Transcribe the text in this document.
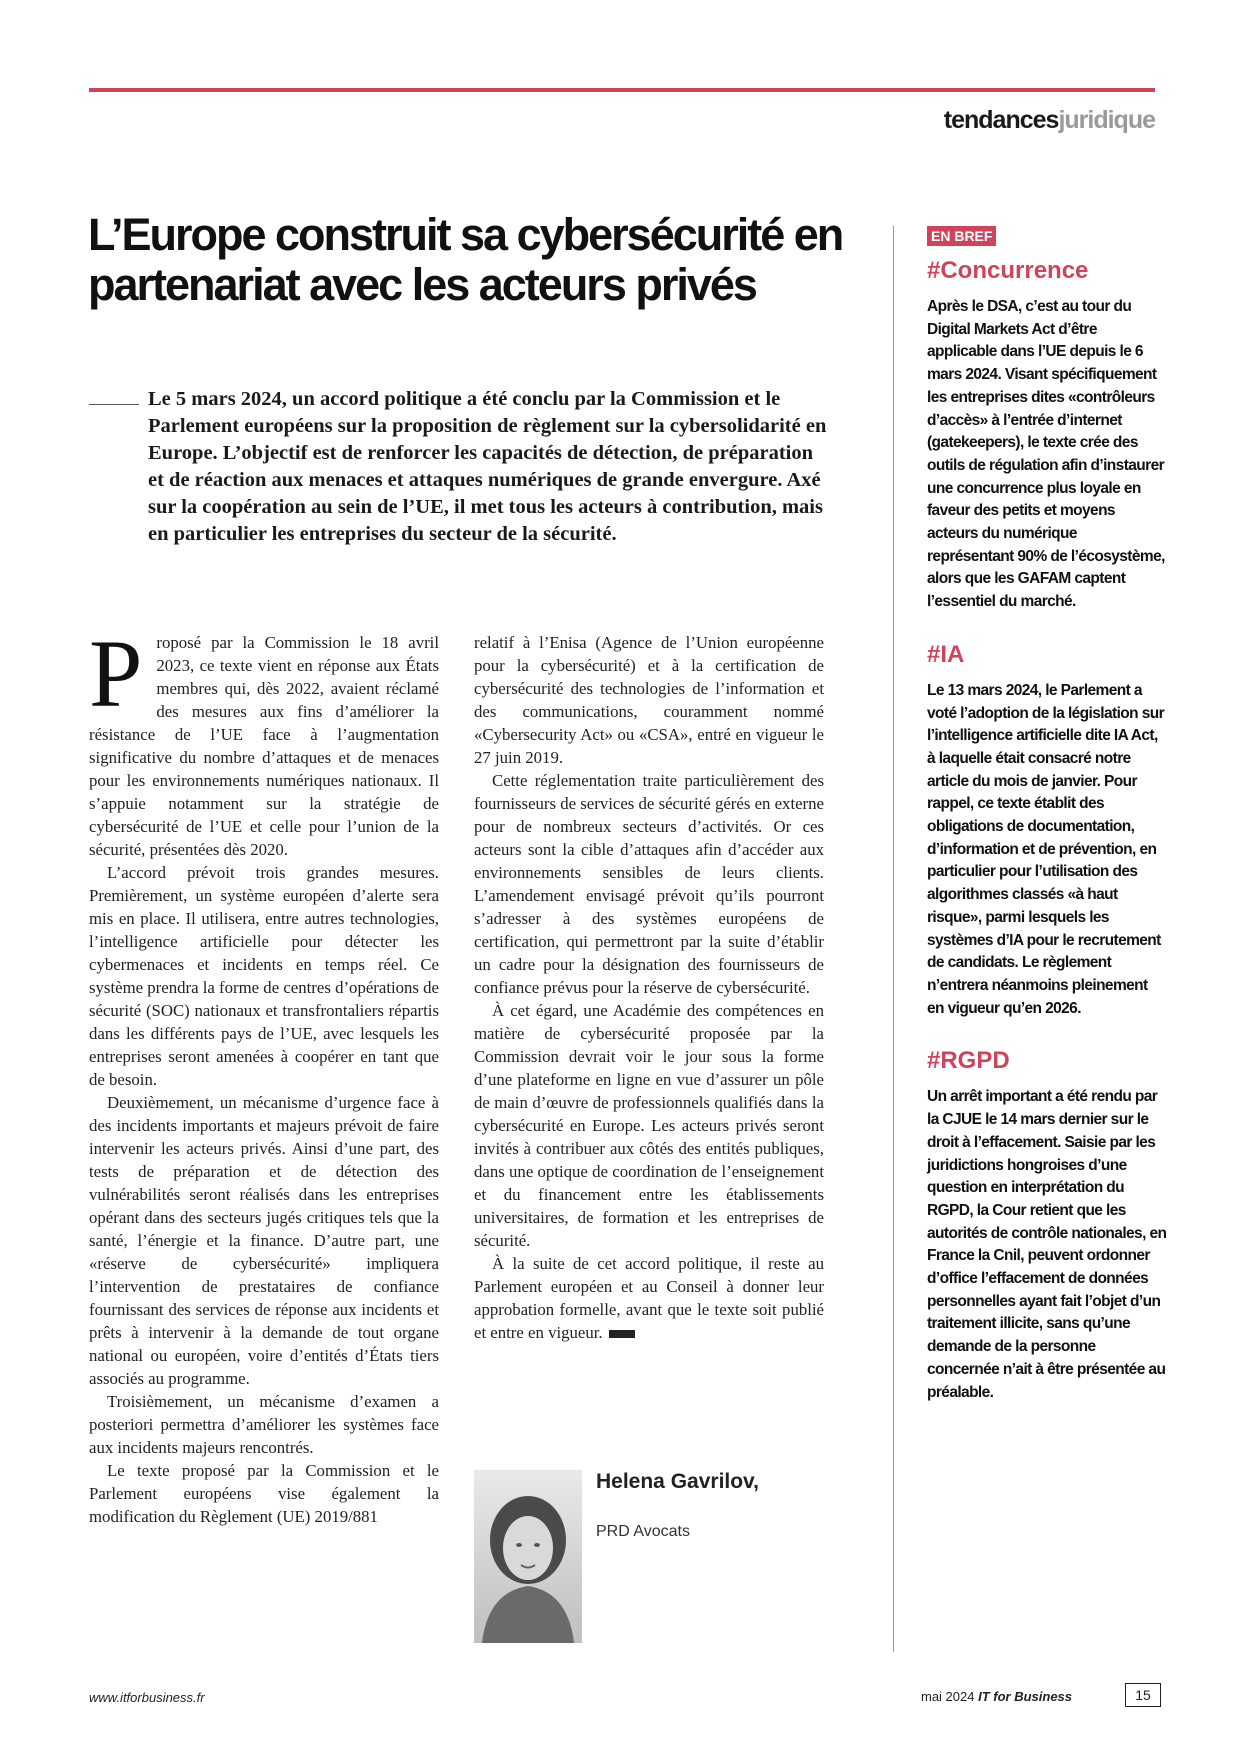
tendancesjuridique
L’Europe construit sa cybersécurité en partenariat avec les acteurs privés

Le 5 mars 2024, un accord politique a été conclu par la Commission et le Parlement européens sur la proposition de règlement sur la cybersolidarité en Europe. L’objectif est de renforcer les capacités de détection, de préparation et de réaction aux menaces et attaques numériques de grande envergure. Axé sur la coopération au sein de l’UE, il met tous les acteurs à contribution, mais en particulier les entreprises du secteur de la sécurité.

Proposé par la Commission le 18 avril 2023, ce texte vient en réponse aux États membres qui, dès 2022, avaient réclamé des mesures aux fins d’améliorer la résistance de l’UE face à l’augmentation significative du nombre d’attaques et de menaces pour les environnements numériques nationaux. Il s’appuie notamment sur la stratégie de cybersécurité de l’UE et celle pour l’union de la sécurité, présentées dès 2020.

L’accord prévoit trois grandes mesures. Premièrement, un système européen d’alerte sera mis en place. Il utilisera, entre autres technologies, l’intelligence artificielle pour détecter les cybermenaces et incidents en temps réel. Ce système prendra la forme de centres d’opérations de sécurité (SOC) nationaux et transfrontaliers répartis dans les différents pays de l’UE, avec lesquels les entreprises seront amenées à coopérer en tant que de besoin.

Deuxièmement, un mécanisme d’urgence face à des incidents importants et majeurs prévoit de faire intervenir les acteurs privés. Ainsi d’une part, des tests de préparation et de détection des vulnérabilités seront réalisés dans les entreprises opérant dans des secteurs jugés critiques tels que la santé, l’énergie et la finance. D’autre part, une «réserve de cybersécurité» impliquera l’intervention de prestataires de confiance fournissant des services de réponse aux incidents et prêts à intervenir à la demande de tout organe national ou européen, voire d’entités d’États tiers associés au programme.

Troisièmement, un mécanisme d’examen a posteriori permettra d’améliorer les systèmes face aux incidents majeurs rencontrés.

Le texte proposé par la Commission et le Parlement européens vise également la modification du Règlement (UE) 2019/881

relatif à l’Enisa (Agence de l’Union européenne pour la cybersécurité) et à la certification de cybersécurité des technologies de l’information et des communications, couramment nommé «Cybersecurity Act» ou «CSA», entré en vigueur le 27 juin 2019.

Cette réglementation traite particulièrement des fournisseurs de services de sécurité gérés en externe pour de nombreux secteurs d’activités. Or ces acteurs sont la cible d’attaques afin d’accéder aux environnements sensibles de leurs clients. L’amendement envisagé prévoit qu’ils pourront s’adresser à des systèmes européens de certification, qui permettront par la suite d’établir un cadre pour la désignation des fournisseurs de confiance prévus pour la réserve de cybersécurité.

À cet égard, une Académie des compétences en matière de cybersécurité proposée par la Commission devrait voir le jour sous la forme d’une plateforme en ligne en vue d’assurer un pôle de main d’œuvre de professionnels qualifiés dans la cybersécurité en Europe. Les acteurs privés seront invités à contribuer aux côtés des entités publiques, dans une optique de coordination de l’enseignement et du financement entre les établissements universitaires, de formation et les entreprises de sécurité.

À la suite de cet accord politique, il reste au Parlement européen et au Conseil à donner leur approbation formelle, avant que le texte soit publié et entre en vigueur.

Helena Gavrilov,
PRD Avocats
EN BREF
#Concurrence

Après le DSA, c’est au tour du Digital Markets Act d’être applicable dans l’UE depuis le 6 mars 2024. Visant spécifiquement les entreprises dites «contrôleurs d’accès» à l’entrée d’internet (gatekeepers), le texte crée des outils de régulation afin d’instaurer une concurrence plus loyale en faveur des petits et moyens acteurs du numérique représentant 90% de l’écosystème, alors que les GAFAM captent l’essentiel du marché.

#IA

Le 13 mars 2024, le Parlement a voté l’adoption de la législation sur l’intelligence artificielle dite IA Act, à laquelle était consacré notre article du mois de janvier. Pour rappel, ce texte établit des obligations de documentation, d’information et de prévention, en particulier pour l’utilisation des algorithmes classés «à haut risque», parmi lesquels les systèmes d’IA pour le recrutement de candidats. Le règlement n’entrera néanmoins pleinement en vigueur qu’en 2026.

#RGPD

Un arrêt important a été rendu par la CJUE le 14 mars dernier sur le droit à l’effacement. Saisie par les juridictions hongroises d’une question en interprétation du RGPD, la Cour retient que les autorités de contrôle nationales, en France la Cnil, peuvent ordonner d’office l’effacement de données personnelles ayant fait l’objet d’un traitement illicite, sans qu’une demande de la personne concernée n’ait à être présentée au préalable.

www.itforbusiness.fr	mai 2024 IT for Business	15
